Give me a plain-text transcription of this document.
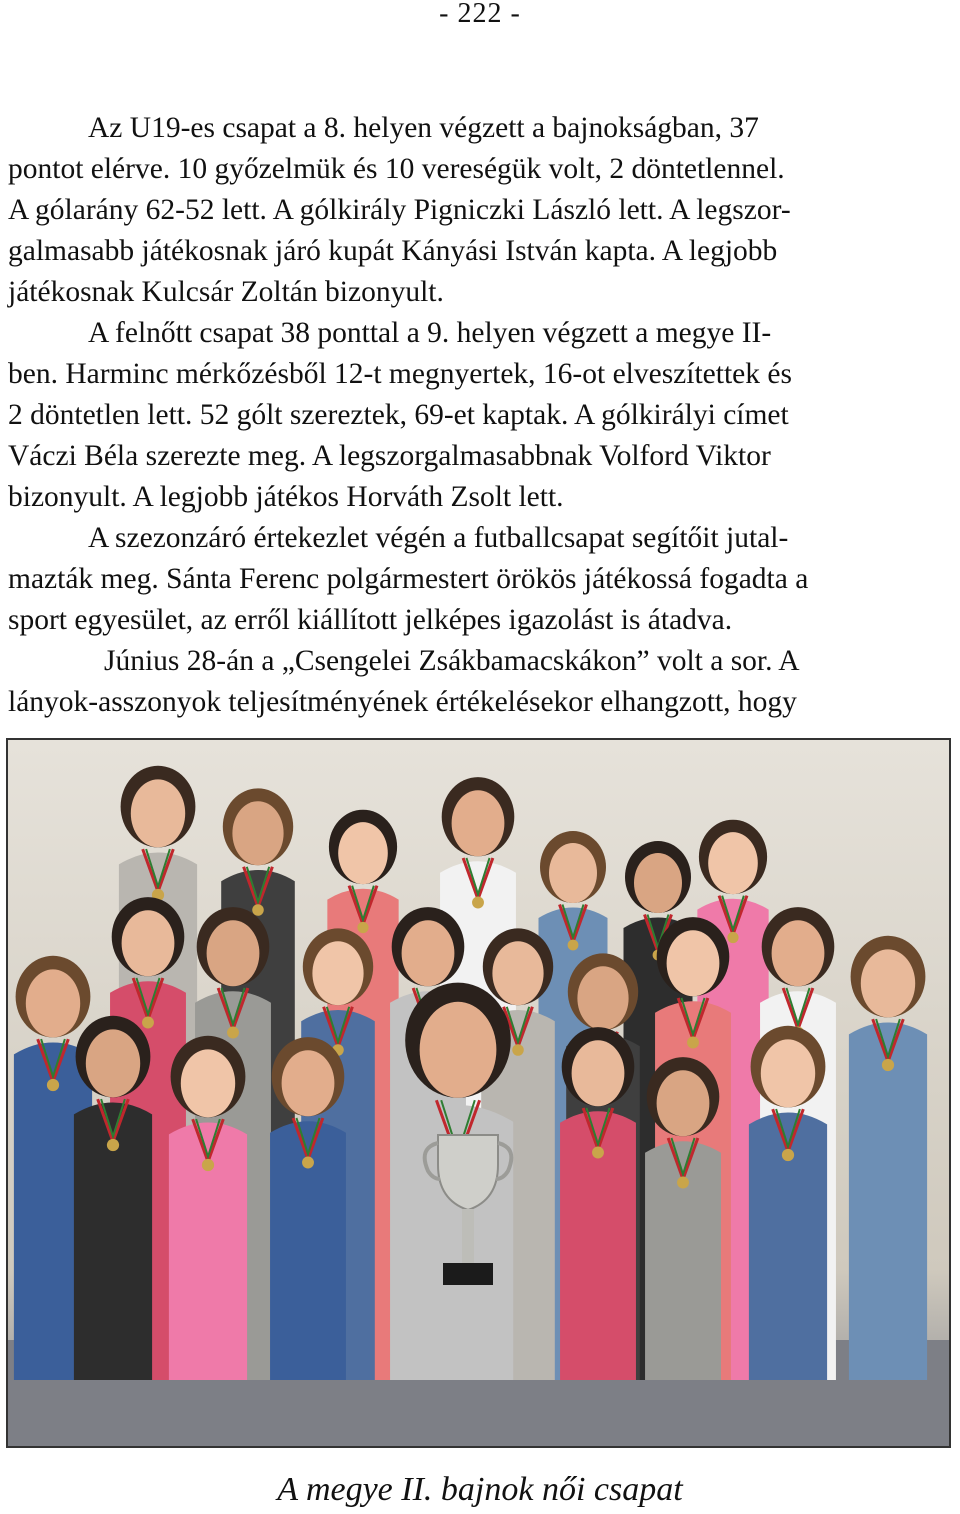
- 222 -
Az U19-es csapat a 8. helyen végzett a bajnokságban, 37
pontot elérve. 10 győzelmük és 10 vereségük volt, 2 döntetlennel.
A gólarány 62-52 lett. A gólkirály Pigniczki László lett. A legszor-
galmasabb játékosnak járó kupát Kányási István kapta. A legjobb
játékosnak Kulcsár Zoltán bizonyult.
A felnőtt csapat 38 ponttal a 9. helyen végzett a megye II-
ben. Harminc mérkőzésből 12-t megnyertek, 16-ot elveszítettek és
2 döntetlen lett. 52 gólt szereztek, 69-et kaptak. A gólkirályi címet
Váczi Béla szerezte meg. A legszorgalmasabbnak Volford Viktor
bizonyult. A legjobb játékos Horváth Zsolt lett.
A szezonzáró értekezlet végén a futballcsapat segítőit jutal-
mazták meg. Sánta Ferenc polgármestert örökös játékossá fogadta a
sport egyesület, az erről kiállított jelképes igazolást is átadva.
Június 28-án a „Csengelei Zsákbamacskákon” volt a sor. A
lányok-asszonyok teljesítményének értékelésekor elhangzott, hogy
A megye II. bajnok női csapat
